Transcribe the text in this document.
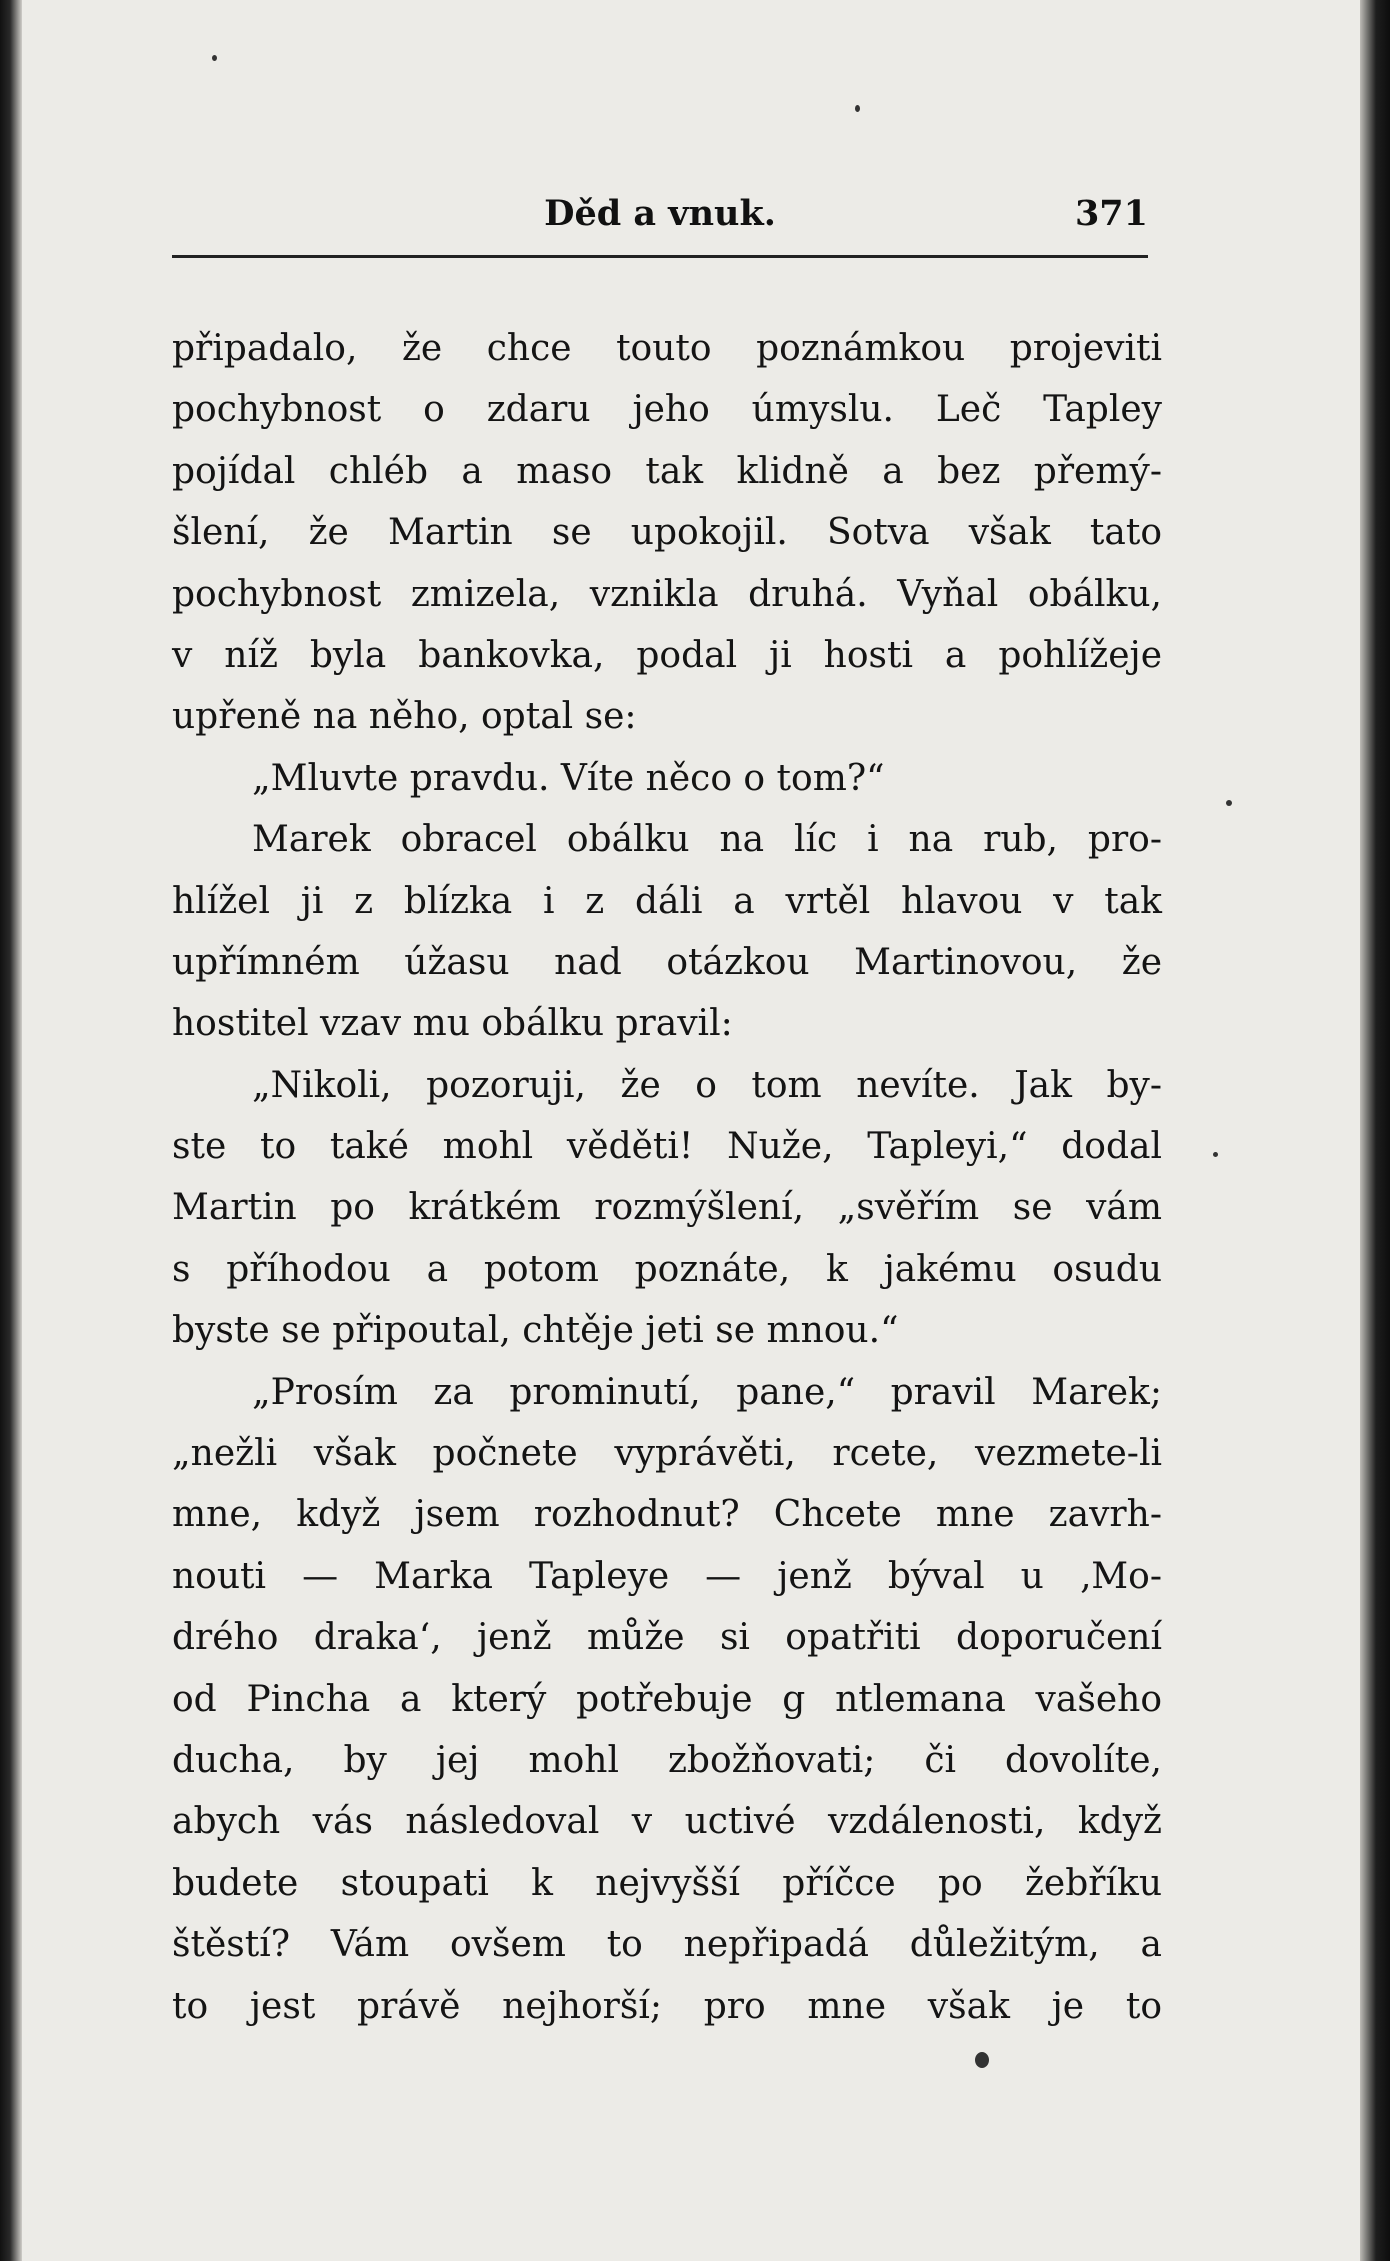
Děd a vnuk.	371
připadalo, že chce touto poznámkou projeviti
pochybnost o zdaru jeho úmyslu. Leč Tapley
pojídal chléb a maso tak klidně a bez přemý-
šlení, že Martin se upokojil. Sotva však tato
pochybnost zmizela, vznikla druhá. Vyňal obálku,
v níž byla bankovka, podal ji hosti a pohlížeje
upřeně na něho, optal se:
„Mluvte pravdu. Víte něco o tom?“
Marek obracel obálku na líc i na rub, pro-
hlížel ji z blízka i z dáli a vrtěl hlavou v tak
upřímném úžasu nad otázkou Martinovou, že
hostitel vzav mu obálku pravil:
„Nikoli, pozoruji, že o tom nevíte. Jak by-
ste to také mohl věděti! Nuže, Tapleyi,“ dodal
Martin po krátkém rozmýšlení, „svěřím se vám
s příhodou a potom poznáte, k jakému osudu
byste se připoutal, chtěje jeti se mnou.“
„Prosím za prominutí, pane,“ pravil Marek;
„nežli však počnete vyprávěti, rcete, vezmete-li
mne, když jsem rozhodnut? Chcete mne zavrh-
nouti — Marka Tapleye — jenž býval u ‚Mo-
drého draka‘, jenž může si opatřiti doporučení
od Pincha a který potřebuje g ntlemana vašeho
ducha, by jej mohl zbožňovati; či dovolíte,
abych vás následoval v uctivé vzdálenosti, když
budete stoupati k nejvyšší příčce po žebříku
štěstí? Vám ovšem to nepřipadá důležitým, a
to jest právě nejhorší; pro mne však je to
